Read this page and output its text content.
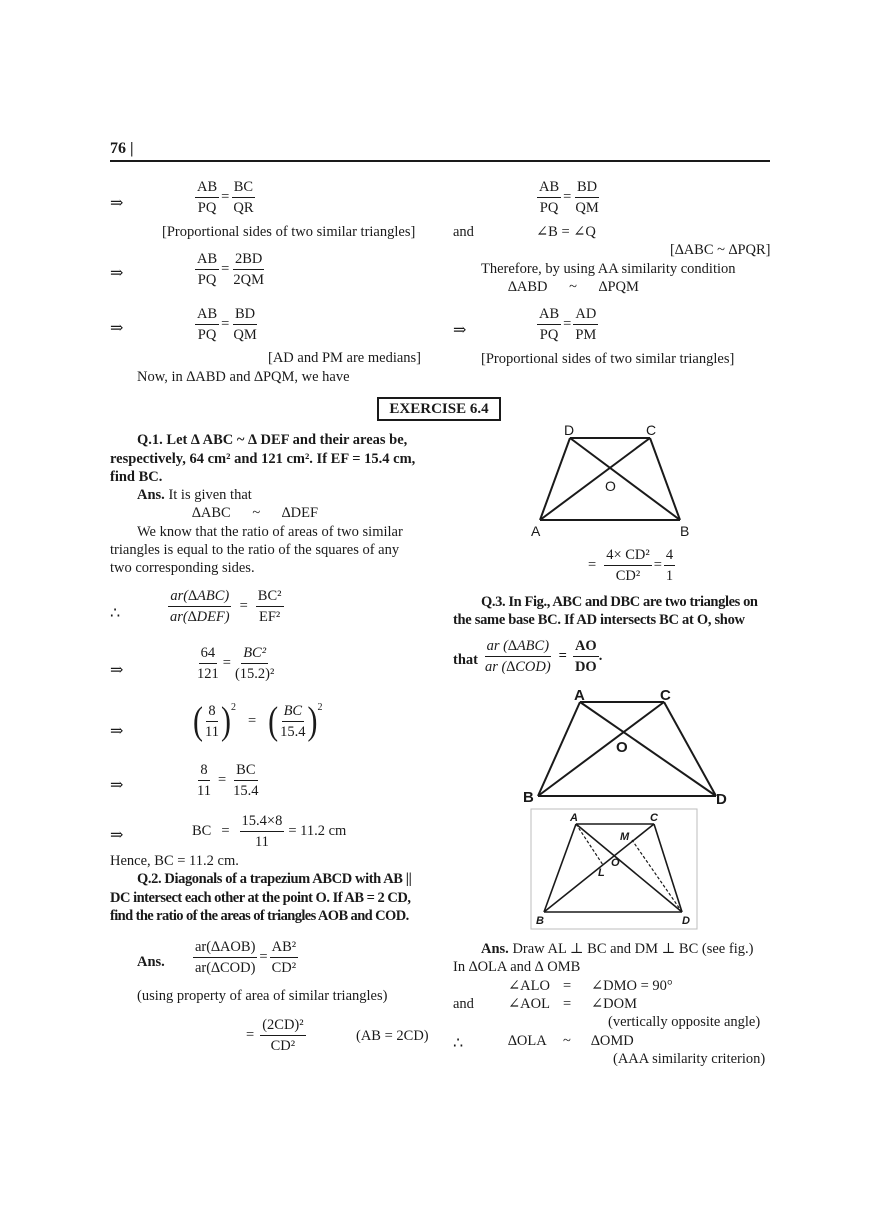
76 |
⇒	$\frac{AB}{PQ} = \frac{BC}{QR}$
[Proportional sides of two similar triangles]
⇒	$\frac{AB}{PQ} = \frac{2BD}{2QM}$
⇒	$\frac{AB}{PQ} = \frac{BD}{QM}$
[AD and PM are medians]
Now, in ∆ABD and ∆PQM, we have
$\frac{AB}{PQ} = \frac{BD}{QM}$
and	∠B = ∠Q
[∆ABC ~ ∆PQR]
Therefore, by using AA similarity condition
∆ABD ~ ∆PQM
⇒	$\frac{AB}{PQ} = \frac{AD}{PM}$
[Proportional sides of two similar triangles]
EXERCISE 6.4
Q.1. Let ∆ ABC ~ ∆ DEF and their areas be,
respectively, 64 cm² and 121 cm². If EF = 15.4 cm,
find BC.
Ans. It is given that
∆ABC ~ ∆DEF
We know that the ratio of areas of two similar
triangles is equal to the ratio of the squares of any
two corresponding sides.
∴
ar(∆ABC)
ar(∆DEF)
= $\frac{\text{BC²}}{\text{EF²}}$
⇒	$\frac{64}{121} = \frac{\text{BC²}}{\text{(15.2)²}}$
⇒ ( $\frac{8}{11} )^2$
= ( $\frac{BC}{15.4} )^2$
⇒	$\frac{8}{11} = \frac{BC}{15.4}$
⇒	BC = $\frac{15.4\times 8}{11} = 11.2$ cm
Hence, BC = 11.2 cm.
Q.2. Diagonals of a trapezium ABCD with AB ||
DC intersect each other at the point O. If AB = 2 CD,
find the ratio of the areas of triangles AOB and COD.
Ans.
ar(∆AOB)
ar(∆COD)
= $\frac{\text{AB²}}{\text{CD²}}$
(using property of area of similar triangles)
= $\frac{\text{(2CD)²}}{\text{CD²}}$	(AB = 2CD)
D	C
O
A	B
= $\frac{\text{4× CD²}}{\text{CD²}} = \frac{4}{1}$
Q.3. In Fig., ABC and DBC are two triangles on
the same base BC. If AD intersects BC at O, show
that
ar (∆ABC)
ar (∆COD)
= $\frac{AO}{DO}$ .
A	C
O
B	D
A	C
M
O
L
B	D
Ans. Draw AL ⊥ BC and DM ⊥ BC (see fig.)
In ∆OLA and ∆ OMB
∠ALO = ∠DMO = 90°
and ∠AOL = ∠DOM
(vertically opposite angle)
∴	∆OLA ~ ∆OMD
(AAA similarity criterion)
